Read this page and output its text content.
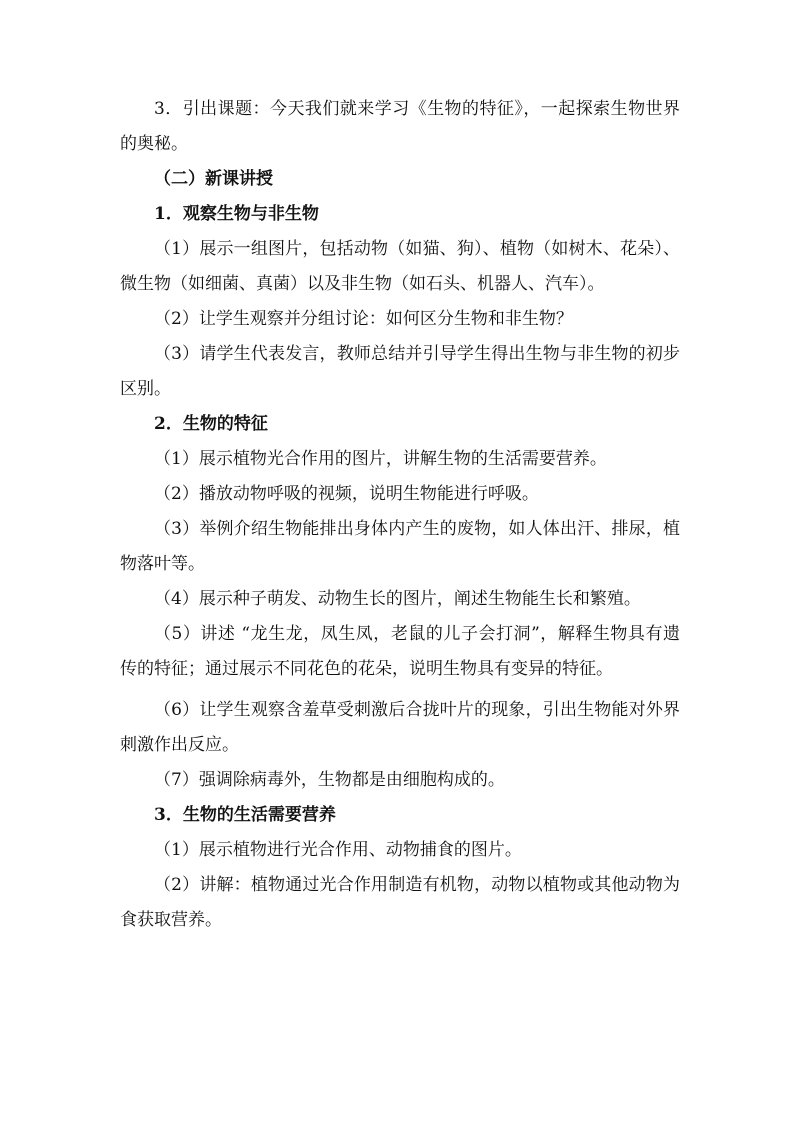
3．引出课题：今天我们就来学习《生物的特征》，一起探索生物世界的奥秘。

（二）新课讲授

1．观察生物与非生物

（1）展示一组图片，包括动物（如猫、狗）、植物（如树木、花朵）、微生物（如细菌、真菌）以及非生物（如石头、机器人、汽车）。

（2）让学生观察并分组讨论：如何区分生物和非生物？

（3）请学生代表发言，教师总结并引导学生得出生物与非生物的初步区别。

2．生物的特征

（1）展示植物光合作用的图片，讲解生物的生活需要营养。

（2）播放动物呼吸的视频，说明生物能进行呼吸。

（3）举例介绍生物能排出身体内产生的废物，如人体出汗、排尿，植物落叶等。

（4）展示种子萌发、动物生长的图片，阐述生物能生长和繁殖。

（5）讲述 “龙生龙，凤生凤，老鼠的儿子会打洞”，解释生物具有遗传的特征；通过展示不同花色的花朵，说明生物具有变异的特征。

（6）让学生观察含羞草受刺激后合拢叶片的现象，引出生物能对外界刺激作出反应。

（7）强调除病毒外，生物都是由细胞构成的。

3．生物的生活需要营养

（1）展示植物进行光合作用、动物捕食的图片。

（2）讲解：植物通过光合作用制造有机物，动物以植物或其他动物为食获取营养。
